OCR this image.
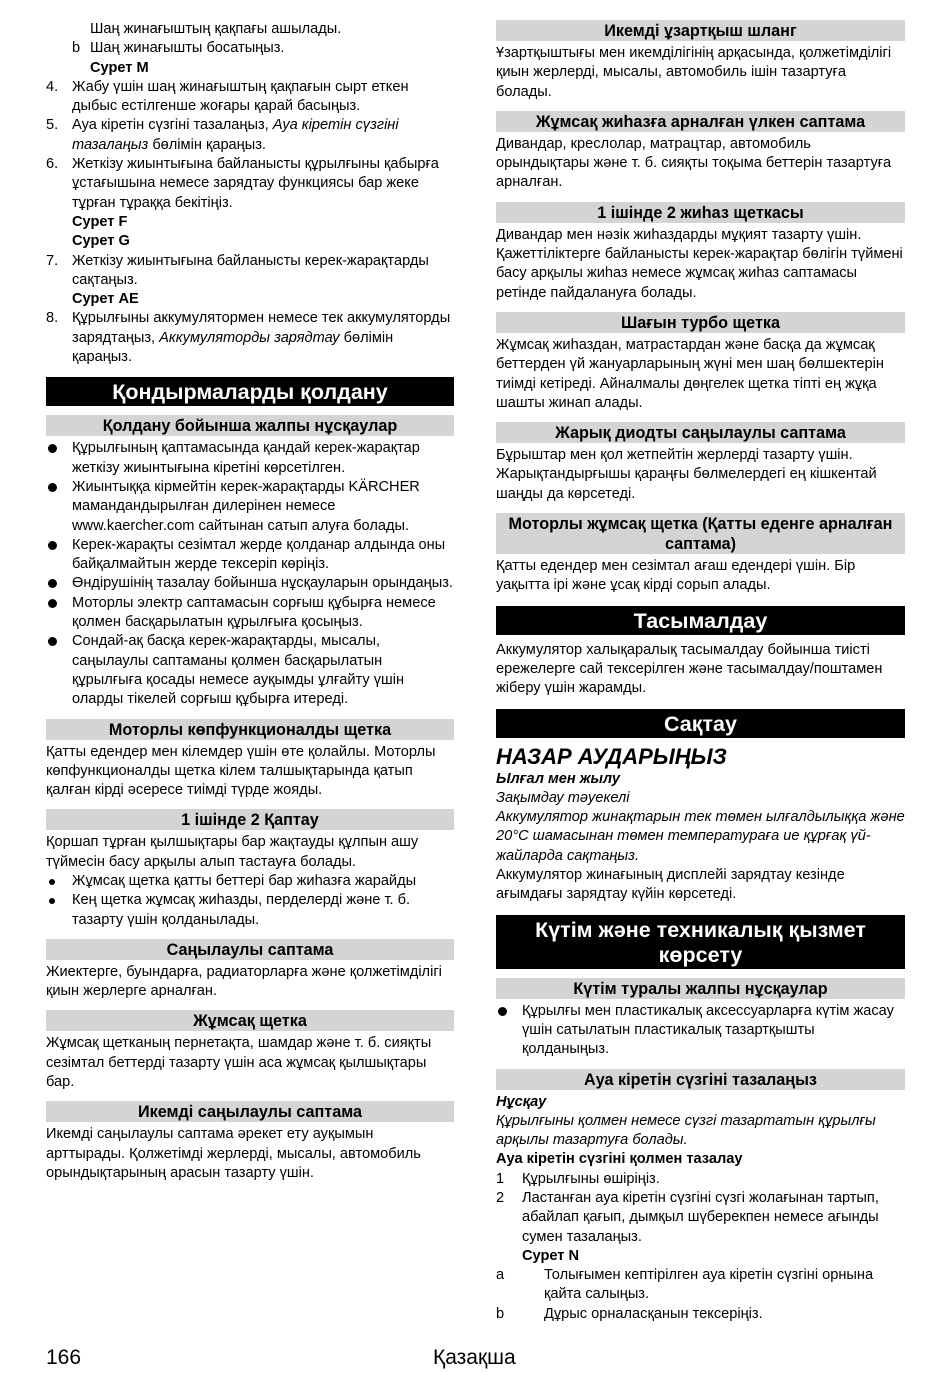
Шаң жинағыштың қақпағы ашылады.
b Шаң жинағышты босатыңыз.
Сурет M
4. Жабу үшін шаң жинағыштың қақпағын сырт еткен дыбыс естілгенше жоғары қарай басыңыз.
5. Ауа кіретін сүзгіні тазалаңыз, Ауа кіретін сүзгіні тазалаңыз бөлімін қараңыз.
6. Жеткізу жиынтығына байланысты құрылғыны қабырға ұстағышына немесе зарядтау функциясы бар жеке тұрған тұраққа бекітіңіз.
Сурет F
Сурет G
7. Жеткізу жиынтығына байланысты керек-жарақтарды сақтаңыз.
Сурет AE
8. Құрылғыны аккумулятормен немесе тек аккумуляторды зарядтаңыз, Аккумуляторды зарядтау бөлімін қараңыз.
Қондырмаларды қолдану
Қолдану бойынша жалпы нұсқаулар
Құрылғының қаптамасында қандай керек-жарақтар жеткізу жиынтығына кіретіні көрсетілген.
Жиынтыққа кірмейтін керек-жарақтарды KÄRCHER мамандандырылған дилерінен немесе www.kaercher.com сайтынан сатып алуға болады.
Керек-жарақты сезімтал жерде қолданар алдында оны байқалмайтын жерде тексеріп көріңіз.
Өндірушінің тазалау бойынша нұсқауларын орындаңыз.
Моторлы электр саптамасын сорғыш құбырға немесе қолмен басқарылатын құрылғыға қосыңыз.
Сондай-ақ басқа керек-жарақтарды, мысалы, саңылаулы саптаманы қолмен басқарылатын құрылғыға қосады немесе ауқымды ұлғайту үшін оларды тікелей сорғыш құбырға итереді.
Моторлы көпфункционалды щетка

Қатты едендер мен кілемдер үшін өте қолайлы. Моторлы көпфункционалды щетка кілем талшықтарында қатып қалған кірді әсересе тиімді түрде жояды.

1 ішінде 2 Қаптау

Қоршап тұрған қылшықтары бар жақтауды құлпын ашу түймесін басу арқылы алып тастауға болады.

Жұмсақ щетка қатты беттері бар жиһазға жарайды
Кең щетка жұмсақ жиһазды, перделерді және т. б. тазарту үшін қолданылады.
Саңылаулы саптама

Жиектерге, буындарға, радиаторларға және қолжетімділігі қиын жерлерге арналған.

Жұмсақ щетка

Жұмсақ щетканың пернетақта, шамдар және т. б. сияқты сезімтал беттерді тазарту үшін аса жұмсақ қылшықтары бар.

Икемді саңылаулы саптама

Икемді саңылаулы саптама әрекет ету ауқымын арттырады. Қолжетімді жерлерді, мысалы, автомобиль орындықтарының арасын тазарту үшін.

Икемді ұзартқыш шланг

Ұзартқыштығы мен икемділігінің арқасында, қолжетімділігі қиын жерлерді, мысалы, автомобиль ішін тазартуға болады.

Жұмсақ жиһазға арналған үлкен саптама

Дивандар, креслолар, матрацтар, автомобиль орындықтары және т. б. сияқты тоқыма беттерін тазартуға арналған.

1 ішінде 2 жиһаз щеткасы

Дивандар мен нәзік жиһаздарды мұқият тазарту үшін. Қажеттіліктерге байланысты керек-жарақтар бөлігін түймені басу арқылы жиһаз немесе жұмсақ жиһаз саптамасы ретінде пайдалануға болады.

Шағын турбо щетка

Жұмсақ жиһаздан, матрастардан және басқа да жұмсақ беттерден үй жануарларының жүні мен шаң бөлшектерін тиімді кетіреді. Айналмалы дөңгелек щетка тіпті ең жұқа шашты жинап алады.

Жарық диодты саңылаулы саптама

Бұрыштар мен қол жетпейтін жерлерді тазарту үшін. Жарықтандырғышы қараңғы бөлмелердегі ең кішкентай шаңды да көрсетеді.

Моторлы жұмсақ щетка (Қатты еденге арналған саптама)

Қатты едендер мен сезімтал ағаш едендері үшін. Бір уақытта ірі және ұсақ кірді сорып алады.

Тасымалдау

Аккумулятор халықаралық тасымалдау бойынша тиісті ережелерге сай тексерілген және тасымалдау/поштамен жіберу үшін жарамды.

Сақтау
НАЗАР АУДАРЫҢЫЗ

Ылғал мен жылу

Зақымдау тәуекелі

Аккумулятор жинақтарын тек төмен ылғалдылыққа және 20°C шамасынан төмен температураға ие құрғақ үй-жайларда сақтаңыз.

Аккумулятор жинағының дисплейі зарядтау кезінде ағымдағы зарядтау күйін көрсетеді.

Күтім және техникалық қызмет көрсету
Күтім туралы жалпы нұсқаулар
Құрылғы мен пластикалық аксессуарларға күтім жасау үшін сатылатын пластикалық тазартқышты қолданыңыз.
Ауа кіретін сүзгіні тазалаңыз

Нұсқау

Құрылғыны қолмен немесе сүзгі тазартатын құрылғы арқылы тазартуға болады.

Ауа кіретін сүзгіні қолмен тазалау

1 Құрылғыны өшіріңіз.
2 Ластанған ауа кіретін сүзгіні сүзгі жолағынан тартып, абайлап қағып, дымқыл шүберекпен немесе ағынды сумен тазалаңыз.
Сурет N
a	Толығымен кептірілген ауа кіретін сүзгіні орнына қайта салыңыз.
b	Дұрыс орналасқанын тексеріңіз.
166	Қазақша
